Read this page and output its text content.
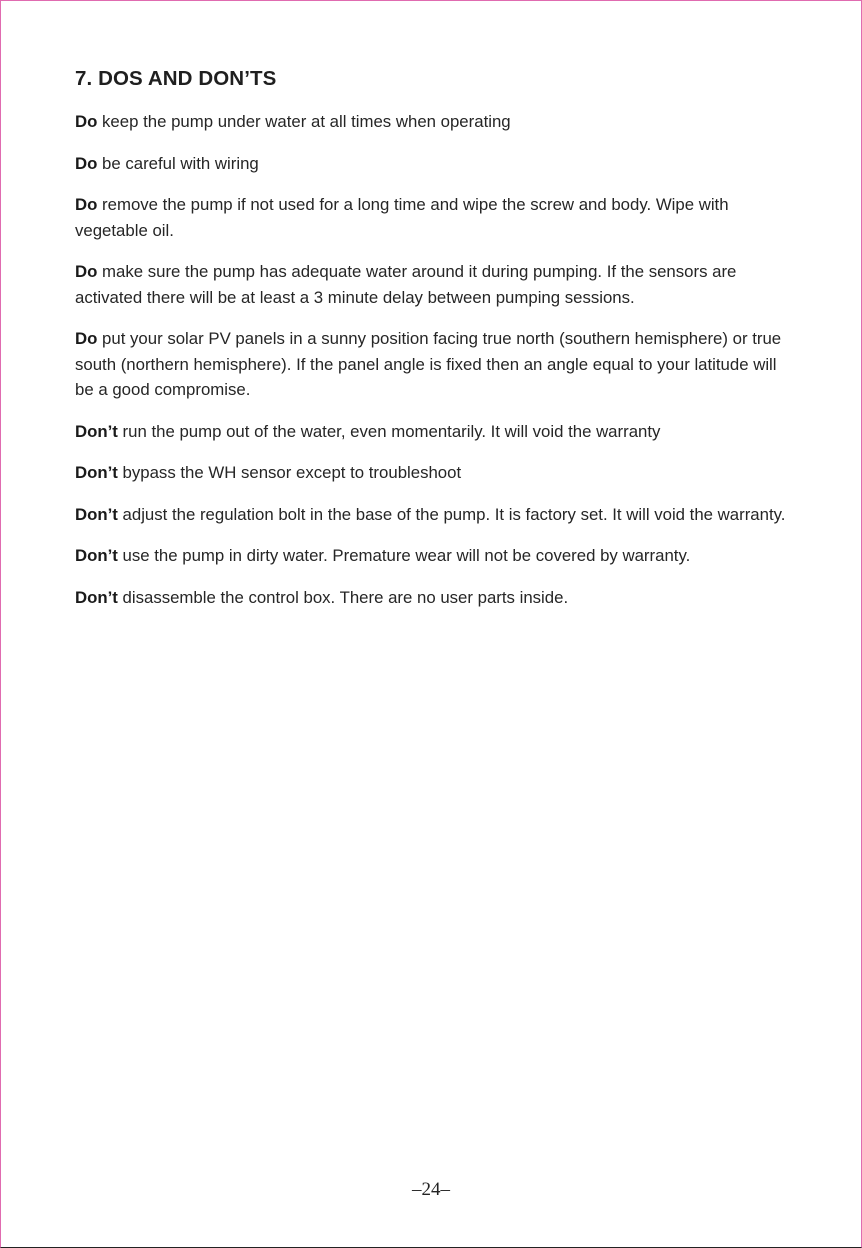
7. DOS AND DON’TS

Do keep the pump under water at all times when operating

Do be careful with wiring

Do remove the pump if not used for a long time and wipe the screw and body. Wipe with vegetable oil.

Do make sure the pump has adequate water around it during pumping. If the sensors are activated there will be at least a 3 minute delay between pumping sessions.

Do put your solar PV panels in a sunny position facing true north (southern hemisphere) or true south (northern hemisphere). If the panel angle is fixed then an angle equal to your latitude will be a good compromise.

Don’t run the pump out of the water, even momentarily. It will void the warranty

Don’t bypass the WH sensor except to troubleshoot

Don’t adjust the regulation bolt in the base of the pump. It is factory set. It will void the warranty.

Don’t use the pump in dirty water. Premature wear will not be covered by warranty.

Don’t disassemble the control box. There are no user parts inside.

–24–
